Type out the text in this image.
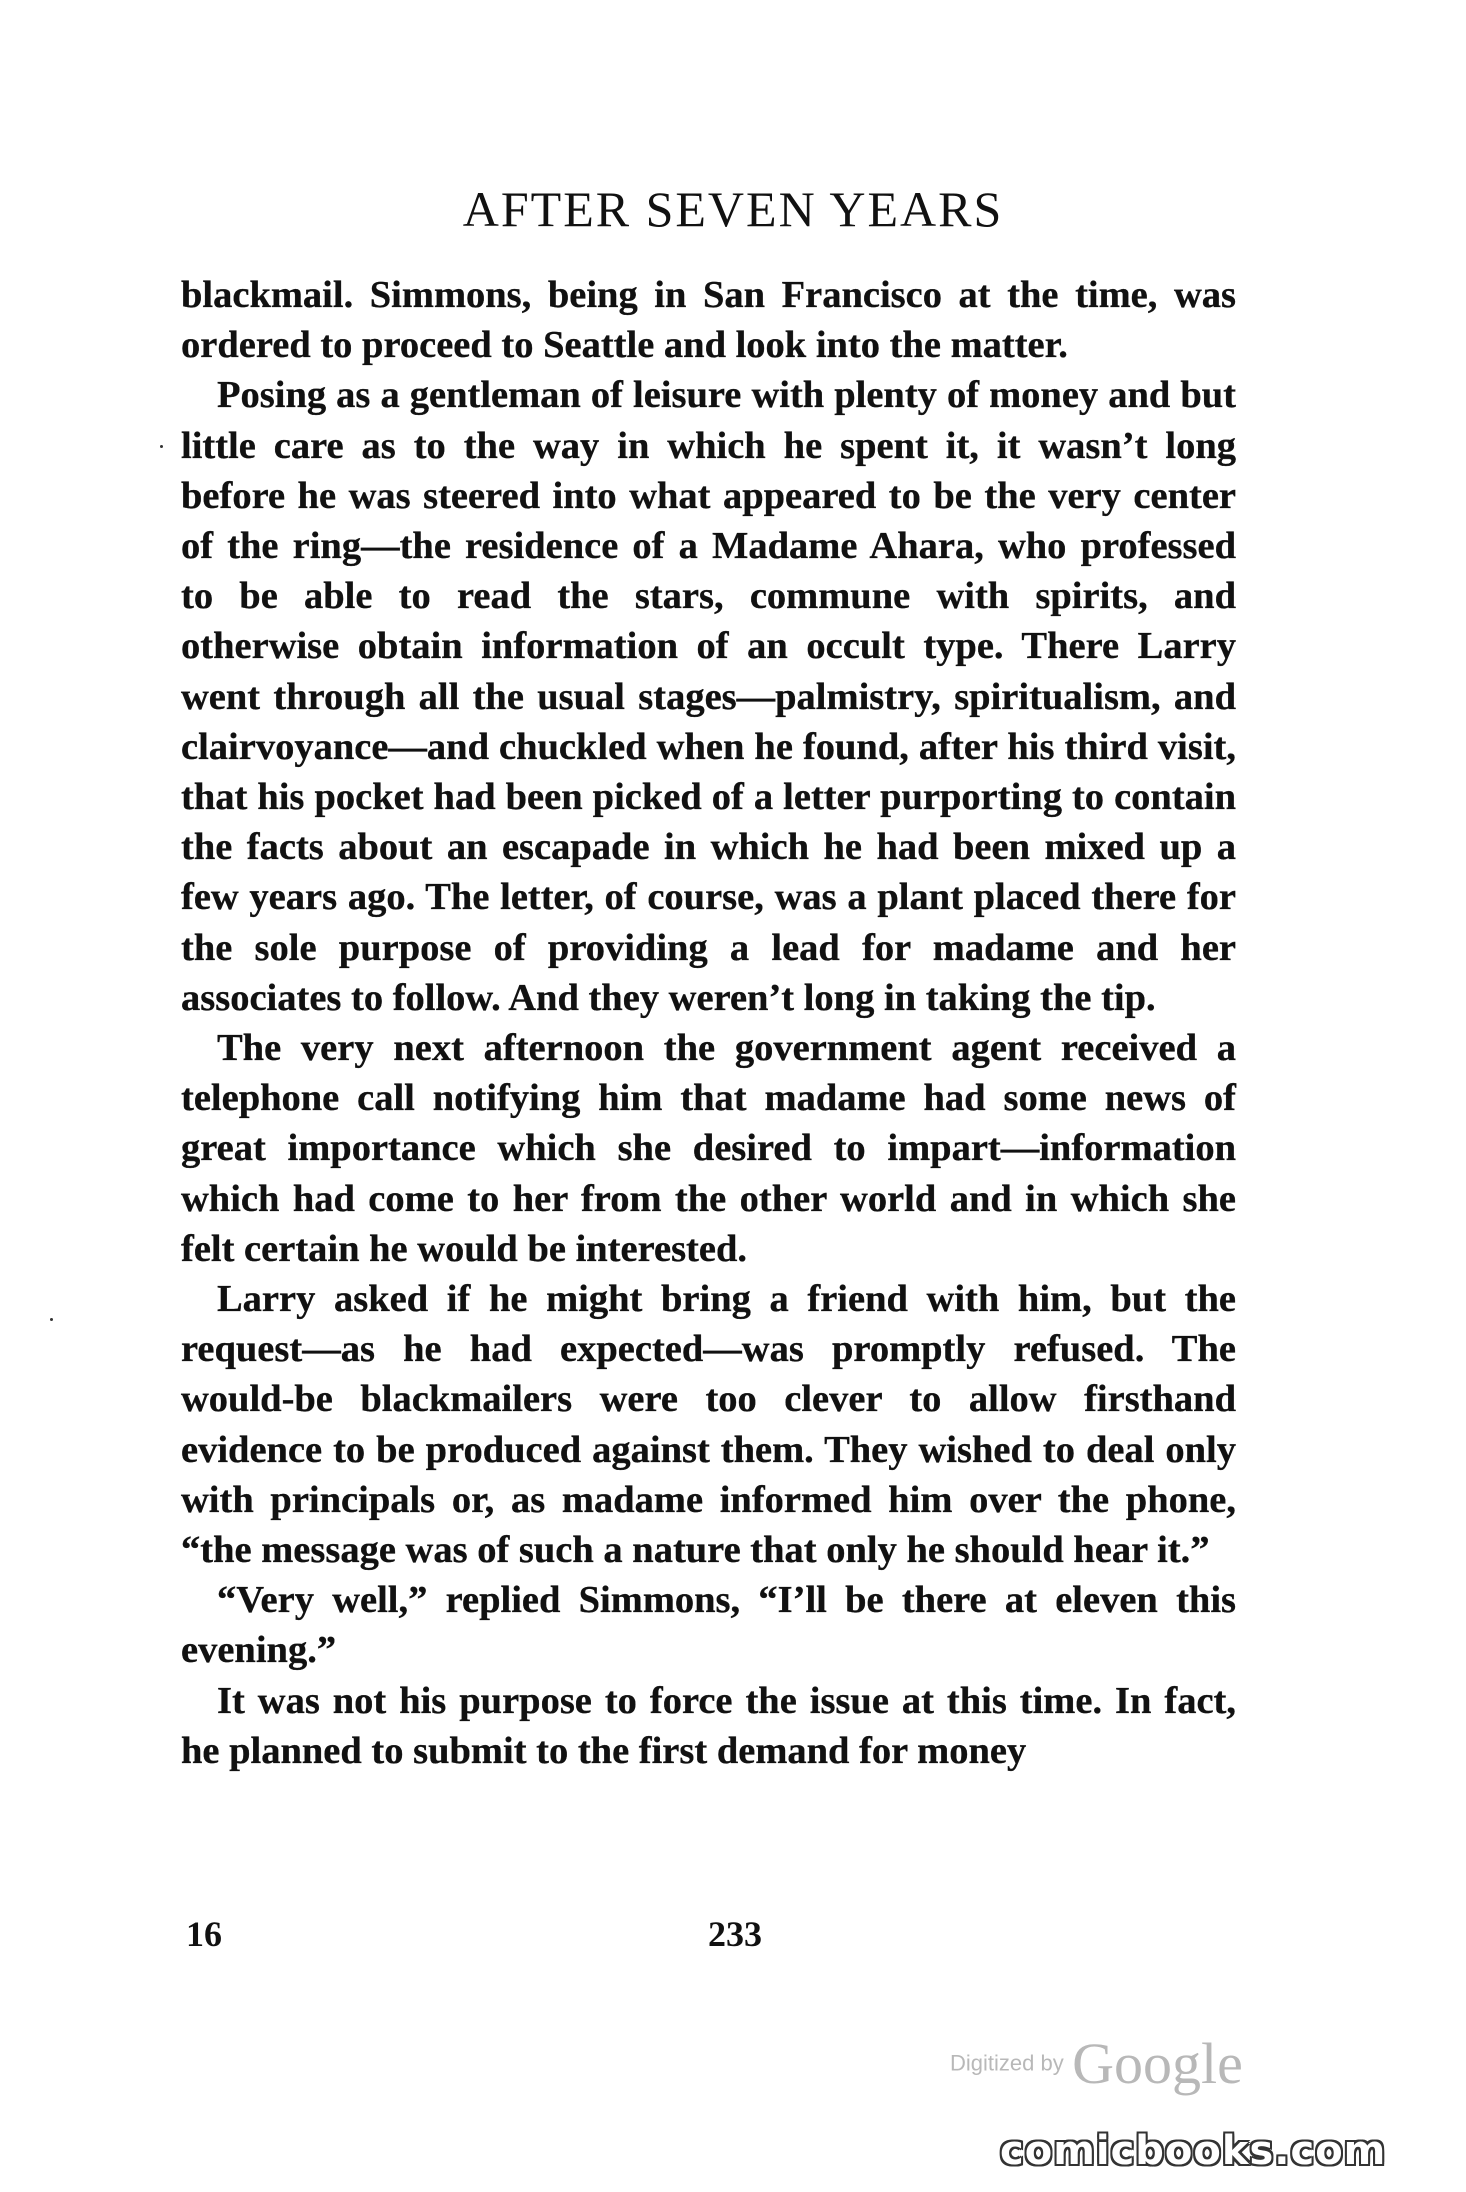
AFTER SEVEN YEARS

blackmail. Simmons, being in San Francisco at the time, was ordered to proceed to Seattle and look into the matter.

Posing as a gentleman of leisure with plenty of money and but little care as to the way in which he spent it, it wasn’t long before he was steered into what appeared to be the very center of the ring—the residence of a Madame Ahara, who professed to be able to read the stars, commune with spirits, and otherwise obtain information of an occult type. There Larry went through all the usual stages—palmistry, spiritualism, and clairvoyance—and chuckled when he found, after his third visit, that his pocket had been picked of a letter purporting to contain the facts about an escapade in which he had been mixed up a few years ago. The letter, of course, was a plant placed there for the sole purpose of providing a lead for madame and her associates to follow. And they weren’t long in taking the tip.

The very next afternoon the government agent received a telephone call notifying him that madame had some news of great importance which she desired to impart—information which had come to her from the other world and in which she felt certain he would be interested.

Larry asked if he might bring a friend with him, but the request—as he had expected—was promptly refused. The would-be blackmailers were too clever to allow firsthand evidence to be produced against them. They wished to deal only with principals or, as madame informed him over the phone, “the message was of such a nature that only he should hear it.”

“Very well,” replied Simmons, “I’ll be there at eleven this evening.”

It was not his purpose to force the issue at this time. In fact, he planned to submit to the first demand for money

16	233
Digitized by Google
comicbooks.com
